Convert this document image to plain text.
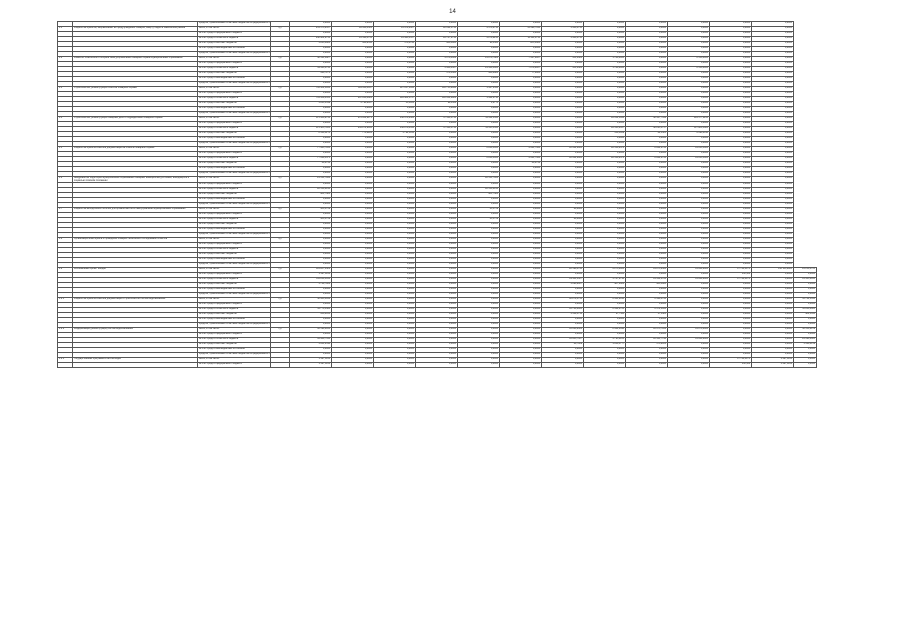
14
		Кредиты, привлеченные областным бюджетом из федерального бюджета		0,0000	0,0000	0,0000	0,0000	0,0000	0,0000	0,0000	0,0000	0,0000	0,0000	0,0000	0,0000	
1.1	Разработка проектов, направленных на предупреждение пожаров, защиту людей в Заволжском районе	Всего, в том числе:	(2)	251 575,2517	26 958,5503	25 979,6307	28 024,1750	4 370,2750	11 498,7350	1 436,5750	0,0000	0,0000	0,0000	0,0000	0,0000	
		за счет средств федерального бюджета		0,0000	0,0000	0,0000	0,0000	0,0000	0,0000	0,0000	0,0000	0,0000	0,0000	0,0000	0,0000	
		за счет средств областного бюджета		238 682,9754	25 168,5753	25 483,1517	26 787,2750	4 279,9250	11 411,4750	1 436,5750	0,0000	0,0000	0,0000	0,0000	0,0000	
		за счет средств местных бюджетов		1 285,4884	628,9550	176,4790	946,5000	90,3500	285,1600	0,0000	0,0000	0,0000	0,0000	0,0000	0,0000	
		за счет средств внебюджетных источников		0,0000	0,0000	0,0000	0,0000	0,0000	0,0000	0,0000	0,0000	0,0000	0,0000	0,0000	0,0000	
		Кредиты, привлеченные областным бюджетом из федерального бюджета		0,0000	0,0000	0,0000	0,0000	0,0000	0,0000	0,0000	0,0000	0,0000	0,0000	0,0000	0,0000	
1.2	Развитие технической и опорной базы добровольной пожарной охраны муниципальных образований	Всего, в том числе:	(4)	40 561,3927	0,0000	0,0000	4 078,4602	21 878,7886	7 147,0007	151,4386	1 780,0000	0,0000	2 556,0000	0,0000	0,0000	
		за счет средств федерального бюджета		0,0000	0,0000	0,0000	0,0000	0,0000	0,0000	0,0000	0,0000	0,0000	0,0000	0,0000	0,0000	
		за счет средств областного бюджета		39 463,3750	0,0000	0,0000	3 908,3307	21 430,5000	7 070,0007	151,4386	1 780,0000	0,0000	2 556,0000	0,0000	0,0000	
		за счет средств местных бюджетов		396,7174	0,0000	0,0000	170,1300	448,2886	77,0000	0,0000	0,0000	0,0000	0,0000	0,0000	0,0000	
		за счет средств внебюджетных источников		0,0000	0,0000	0,0000	0,0000	0,0000	0,0000	0,0000	0,0000	0,0000	0,0000	0,0000	0,0000	
		Кредиты, привлеченные областным бюджетом из федерального бюджета		0,0000	0,0000	0,0000	0,0000	0,0000	0,0000	0,0000	0,0000	0,0000	0,0000	0,0000	0,0000	
1.3	Строительство, реконструкция объектов пожарной охраны	Всего, в том числе:	(1)	763 302,5914	301 618,1047	127 017,3610	110 713,8468	1 467,2568	0,0000	0,0000	0,0000	0,0000	0,0000	0,0000	0,0000	
		за счет средств федерального бюджета		0,0000	0,0000	0,0000	0,0000	0,0000	0,0000	0,0000	0,0000	0,0000	0,0000	0,0000	0,0000	
		за счет средств областного бюджета		761 459,4515	297 818,3020	126 964,1797	110 614,6906	1 462,2793	0,0000	0,0000	0,0000	0,0000	0,0000	0,0000	0,0000	
		за счет средств местных бюджетов		1 843,1399	3 799,8027	53,1813	99,1562	4,9775	0,0000	0,0000	0,0000	0,0000	0,0000	0,0000	0,0000	
		за счет средств внебюджетных источников		0,0000	0,0000	0,0000	0,0000	0,0000	0,0000	0,0000	0,0000	0,0000	0,0000	0,0000	0,0000	
		Кредиты, привлеченные областным бюджетом из федерального бюджета		0,0000	0,0000	0,0000	0,0000	0,0000	0,0000	0,0000	0,0000	0,0000	0,0000	0,0000	0,0000	
1.4	Строительство, реконструкция пожарных депо и подразделений пожарной охраны	Всего, в том числе:	(1)	675 326,9754	276 052,8173	152 670,6500	37 140,5750	11 412,5360	0,0000	0,0000	26 652,1846	38 307,7342	124 577,2210	0,0000	0,0000	
		за счет средств федерального бюджета		0,0000	0,0000	0,0000	0,0000	0,0000	0,0000	0,0000	0,0000	0,0000	0,0000	0,0000	0,0000	
		за счет средств областного бюджета		673 185,7855	235 272,9945	150 878,4550	37 140,5750	11 415,5360	0,0000	0,0000	26 133,6347	38 225,1757	117 880,5800	0,0000	0,0000	
		за счет средств местных бюджетов		2 140,1274	779,8228	1 792,1950	0,0000	0,0000	0,0000	0,0000	518,5499	82,5585	6 696,6410	0,0000	0,0000	
		за счет средств внебюджетных источников		0,0000	0,0000	0,0000	0,0000	0,0000	0,0000	0,0000	0,0000	0,0000	0,0000	0,0000	0,0000	
		Кредиты, привлеченные областным бюджетом из федерального бюджета		0,0000	0,0000	0,0000	0,0000	0,0000	0,0000	0,0000	0,0000	0,0000	0,0000	0,0000	0,0000	
1.5	Разработка проектно-сметной документации на объекты пожарной охраны	Всего, в том числе:	(1)	77 985,7433	0,0000	0,0000	0,0000	2 200,5000	4 661,7500	12 912,6000	20 150,8578	8 882,2700	14 033,5000	0,0000	0,0000	
		за счет средств федерального бюджета		0,0000	0,0000	0,0000	0,0000	0,0000	0,0000	0,0000	0,0000	0,0000	0,0000	0,0000	0,0000	
		за счет средств областного бюджета		77 910,5375	0,0000	0,0000	0,0000	2 200,5000	4 661,7500	12 912,6000	20 150,8578	8 882,2700	14 033,5000	0,0000	0,0000	
		за счет средств местных бюджетов		40,0742	0,0000	0,0000	0,0000	0,0000	40,0742	0,0000	0,0000	0,0000	0,0000	0,0000	0,0000	
		за счет средств внебюджетных источников		0,0000	0,0000	0,0000	0,0000	0,0000	0,0000	0,0000	0,0000	0,0000	0,0000	0,0000	0,0000	
		Кредиты, привлеченные областным бюджетом из федерального бюджета		0,0000	0,0000	0,0000	0,0000	0,0000	0,0000	0,0000	0,0000	0,0000	0,0000	0,0000	0,0000	
1.6	Внедрение на территории муниципальных образований пожарных извещателей для семей, находящихся в социально опасном положении	Всего, в том числе:	(2)	21 551,7466	0,0000	0,0000	0,0000	20 551,7466	0,0000	0,0000	0,0000	0,0000	0,0000	0,0000	0,0000	
		за счет средств федерального бюджета		0,0000	0,0000	0,0000	0,0000	0,0000	0,0000	0,0000	0,0000	0,0000	0,0000	0,0000	0,0000	
		за счет средств областного бюджета		20 550,0138	0,0000	0,0000	0,0000	20 550,0138	0,0000	0,0000	0,0000	0,0000	0,0000	0,0000	0,0000	
		за счет средств местных бюджетов		961,7328	0,0000	0,0000	0,0000	961,7328	0,0000	0,0000	0,0000	0,0000	0,0000	0,0000	0,0000	
		за счет средств внебюджетных источников		0,0000	0,0000	0,0000	0,0000	0,0000	0,0000	0,0000	0,0000	0,0000	0,0000	0,0000	0,0000	
		Кредиты, привлеченные областным бюджетом из федерального бюджета		0,0000	0,0000	0,0000	0,0000	0,0000	0,0000	0,0000	0,0000	0,0000	0,0000	0,0000	0,0000	
1.7	Разработка методических пособий для органов местного самоуправления муниципальных образований	Всего, в том числе:	(2)	163,5739	0,0000	0,0000	0,0000	43,5739	0,0000	20,0000	0,0000	0,0000	0,0000	0,0000	0,0000	
		за счет средств федерального бюджета		0,0000	0,0000	0,0000	0,0000	0,0000	0,0000	0,0000	0,0000	0,0000	0,0000	0,0000	0,0000	
		за счет средств областного бюджета		163,5739	0,0000	0,0000	0,0000	43,5739	0,0000	20,0000	0,0000	0,0000	0,0000	0,0000	0,0000	
		за счет средств местных бюджетов		0,0000	0,0000	0,0000	0,0000	0,0000	0,0000	0,0000	0,0000	0,0000	0,0000	0,0000	0,0000	
		за счет средств внебюджетных источников		0,0000	0,0000	0,0000	0,0000	0,0000	0,0000	0,0000	0,0000	0,0000	0,0000	0,0000	0,0000	
		Кредиты, привлеченные областным бюджетом из федерального бюджета		0,0000	0,0000	0,0000	0,0000	0,0000	0,0000	0,0000	0,0000	0,0000	0,0000	0,0000	0,0000	
1.8	Организация мониторинга и проведения пожарно-технических обследований объектов	Всего, в том числе:	(2)	0,0000	0,0000	0,0000	0,0000	0,0000	0,0000	0,0000	0,0000	0,0000	0,0000	0,0000	0,0000	
		за счет средств федерального бюджета		0,0000	0,0000	0,0000	0,0000	0,0000	0,0000	0,0000	0,0000	0,0000	0,0000	0,0000	0,0000	
		за счет средств областного бюджета		0,0000	0,0000	0,0000	0,0000	0,0000	0,0000	0,0000	0,0000	0,0000	0,0000	0,0000	0,0000	
		за счет средств местных бюджетов		0,0000	0,0000	0,0000	0,0000	0,0000	0,0000	0,0000	0,0000	0,0000	0,0000	0,0000	0,0000	
		за счет средств внебюджетных источников		0,0000	0,0000	0,0000	0,0000	0,0000	0,0000	0,0000	0,0000	0,0000	0,0000	0,0000	0,0000	
		Кредиты, привлеченные областным бюджетом из федерального бюджета		0,0000	0,0000	0,0000	0,0000	0,0000	0,0000	0,0000	0,0000	0,0000	0,0000	0,0000	0,0000	
1.9	Региональный проект «Вода»	Всего, в том числе:	(1)	114 267,4522	0,0000	0,0000	0,0000	0,0000	0,0000	20 198,4794	6 275,0400	14 875,6500	14 089,9900	17 704,4170	150 113,8900	24 250,4765
		за счет средств федерального бюджета		1 297,1126	0,0000	0,0000	0,0000	0,0000	0,0000	0,0000	0,0000	0,0000	0,0000	130,112	0,0000	0,0000
		за счет средств областного бюджета		111 200,5414	0,0000	0,0000	0,0000	0,0000	0,0000	19 101,5307	5 787,9794	14 452,4700	14 089,9900	17 704,4170	0,0000	14 445,6950
		за счет средств местных бюджетов		1 769,7982	0,0000	0,0000	0,0000	0,0000	0,0000	1 096,9487	487,0606	423,1800	0,0000	0,0000	0,0000	0,0000
		за счет средств внебюджетных источников		0,0000	0,0000	0,0000	0,0000	0,0000	0,0000	0,0000	0,0000	0,0000	0,0000	0,0000	0,0000	0,0000
		Кредиты, привлеченные областным бюджетом из федерального бюджета		0,0000	0,0000	0,0000	0,0000	0,0000	0,0000	0,0000	0,0000	0,0000	0,0000	0,0000	0,0000	0,0000
1.9.1	Разработка проектно-сметной документации и строительство систем водоснабжения	Всего, в том числе:	(1)	58 903,3942	0,0000	0,0000	0,0000	0,0000	0,0000	18 279,5754	2 431,9810	2 429,4720	0,0000	0,0000	0,0000	35 762,3658
		за счет средств федерального бюджета		0,0000	0,0000	0,0000	0,0000	0,0000	0,0000	0,0000	0,0000	0,0000	0,0000	0,0000	0,0000	0,0000
		за счет средств областного бюджета		54 776,5388	0,0000	0,0000	0,0000	0,0000	0,0000	16 760,0000	2 364,2700	2 372,3400	0,0000	0,0000	0,0000	33 280,0000
		за счет средств местных бюджетов		916,0454	0,0000	0,0000	0,0000	0,0000	0,0000	1 519,5754	67,7110	57,1320	0,0000	0,0000	0,0000	482,3658
		за счет средств внебюджетных источников		0,0000	0,0000	0,0000	0,0000	0,0000	0,0000	0,0000	0,0000	0,0000	0,0000	0,0000	0,0000	0,0000
		Кредиты, привлеченные областным бюджетом из федерального бюджета		0,0000	0,0000	0,0000	0,0000	0,0000	0,0000	0,0000	0,0000	0,0000	0,0000	0,0000	0,0000	0,0000
1.9.2	Модернизация (реконструкция) систем водоснабжения	Всего, в том числе:	(1)	66 590,0914	0,0000	0,0000	0,0000	0,0000	0,0000	16 026,8306	8 964,0698	10 675,7441	14 076,6000	0,0000	0,0000	36 350,8159
		за счет средств федерального бюджета		0,0000	0,0000	0,0000	0,0000	0,0000	0,0000	0,0000	0,0000	0,0000	0,0000	0,0000	0,0000	0,0000
		за счет средств областного бюджета		64 988,7518	0,0000	0,0000	0,0000	0,0000	0,0000	16 005,7367	4 795,6100	10 101,7790	14 089,9900	0,0000	0,0000	24 990,0000
		за счет средств местных бюджетов		1 001,2596	0,0000	0,0000	0,0000	0,0000	0,0000	20,7669	1 050,1777	573,9651	0,0000	0,0000	0,0000	1 328,6159
		за счет средств внебюджетных источников		0,0000	0,0000	0,0000	0,0000	0,0000	0,0000	0,0000	0,0000	0,0000	0,0000	0,0000	0,0000	0,0000
		Кредиты, привлеченные областным бюджетом из федерального бюджета		0,0000	0,0000	0,0000	0,0000	0,0000	0,0000	0,0000	0,0000	0,0000	0,0000	0,0000	0,0000	0,0000
1.9.3	Государственная программа «Чистая вода»	Всего, в том числе:		1 297,1126	0,0000	0,0000	0,0000	0,0000	0,0000	0,0000	0,0000	0,0000	0,0000	17 704,4170	1 297,1126	0,0000
		за счет средств федерального бюджета		1 297,1126	0,0000	0,0000	0,0000	0,0000	0,0000	0,0000	0,0000	0,0000	0,0000	130,112	1 297,1126	0,0000
